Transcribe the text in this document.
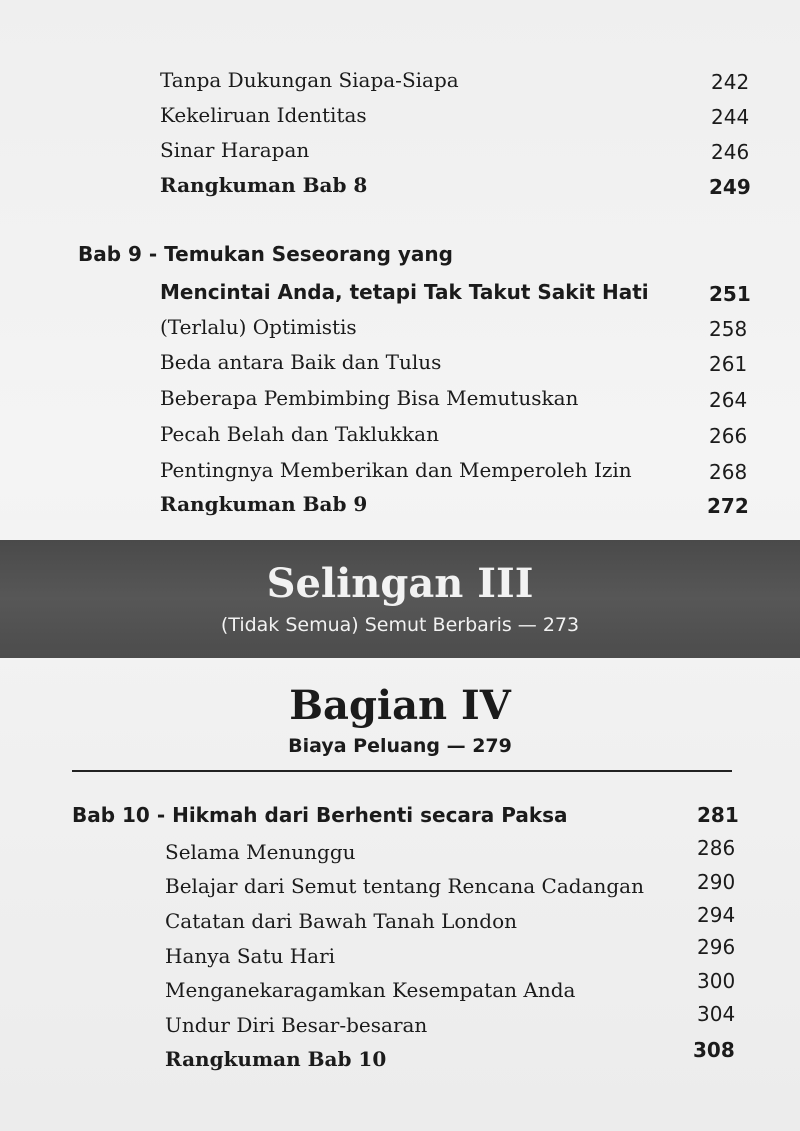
Tanpa Dukungan Siapa-Siapa	242
Kekeliruan Identitas	244
Sinar Harapan	246
Rangkuman Bab 8	249
Bab 9 - Temukan Seseorang yang
Mencintai Anda, tetapi Tak Takut Sakit Hati	251
(Terlalu) Optimistis	258
Beda antara Baik dan Tulus	261
Beberapa Pembimbing Bisa Memutuskan	264
Pecah Belah dan Taklukkan	266
Pentingnya Memberikan dan Memperoleh Izin	268
Rangkuman Bab 9	272
Selingan III
(Tidak Semua) Semut Berbaris — 273
Bagian IV
Biaya Peluang — 279
Bab 10 - Hikmah dari Berhenti secara Paksa	281
Selama Menunggu	286
Belajar dari Semut tentang Rencana Cadangan	290
Catatan dari Bawah Tanah London	294
Hanya Satu Hari	296
Menganekaragamkan Kesempatan Anda	300
Undur Diri Besar-besaran	304
Rangkuman Bab 10	308
